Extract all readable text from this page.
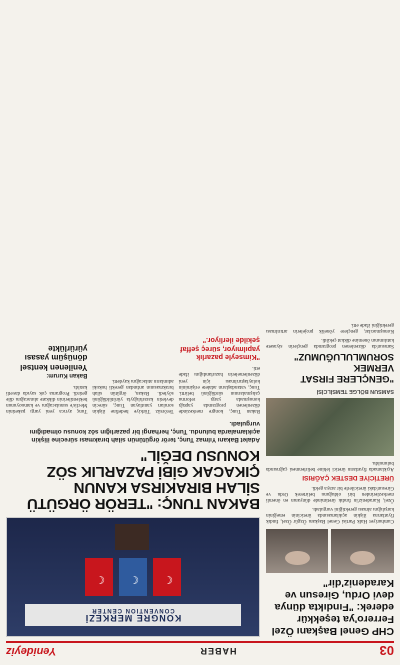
03
HABER
Yenideyiz
CHP Genel Başkanı Özel Ferrero'ya teşekkür ederek: "Fındıkta dünya devi Ordu, Giresun ve Karadeniz'dir"

Cumhuriyet Halk Partisi Genel Başkanı Özgür Özel, fındık fiyatlarına ilişkin açıklamasında üreticinin emeğinin karşılığını alması gerektiğini vurguladı.

Özel, Karadeniz'in fındık üretiminde dünyanın en önemli merkezlerinden biri olduğunu belirterek Ordu ve Giresun'daki üreticilerle bir araya geldi.

ÜRETİCİYE DESTEK ÇAĞRISI

Açıklamada fiyatların üretici lehine belirlenmesi çağrısında bulunuldu.

SAMSUN BÖLGE TEMSİLCİSİ
"GENÇLERE FIRSAT VERMEK SORUMLULUĞUMUZ"

Samsun'da düzenlenen programda gençlerin siyasete katılımının önemine dikkat çekildi.

Konuşmacılar, gençlere yönelik projelerin artırılması gerektiğini ifade etti.

KONGRE MERKEZİ
CONVENTION CENTER
☾
☾
☾
BAKAN TUNÇ: "TERÖR ÖRGÜTÜ SİLAH BIRAKIRSA KANUN ÇIKACAK GİBİ PAZARLIK SÖZ KONUSU DEĞİL"

Adalet Bakanı Yılmaz Tunç, terör örgütünün silah bırakması sürecine ilişkin açıklamalarda bulundu. Tunç, herhangi bir pazarlığın söz konusu olmadığını vurguladı.

Bakan Tunç, kongre merkezinde düzenlenen programda yaptığı konuşmada yargı reformu çalışmalarının sürdüğünü belirtti. Tunç, vatandaşların adalete erişiminin kolaylaştırılması için yeni düzenlemelerin hazırlandığını ifade etti.

"Kimseyle pazarlık yapılmıyor, süreç şeffaf şekilde ilerliyor."

Terörsüz Türkiye hedefine ilişkin soruları yanıtlayan Tunç, sürecin devletin kararlılığıyla yürütüldüğünü söyledi. Bakan, örgütün silah bırakmasının ardından gerekli hukuki adımların atılacağını kaydetti.

Tunç ayrıca yeni yargı paketinin Meclis'e sunulacağını ve kamuoyunun beklentilerinin dikkate alınacağını dile getirdi. Programa çok sayıda davetli katıldı.

Bakan Kurum:
Yenilenen kentsel dönüşüm yasası yürürlükte
